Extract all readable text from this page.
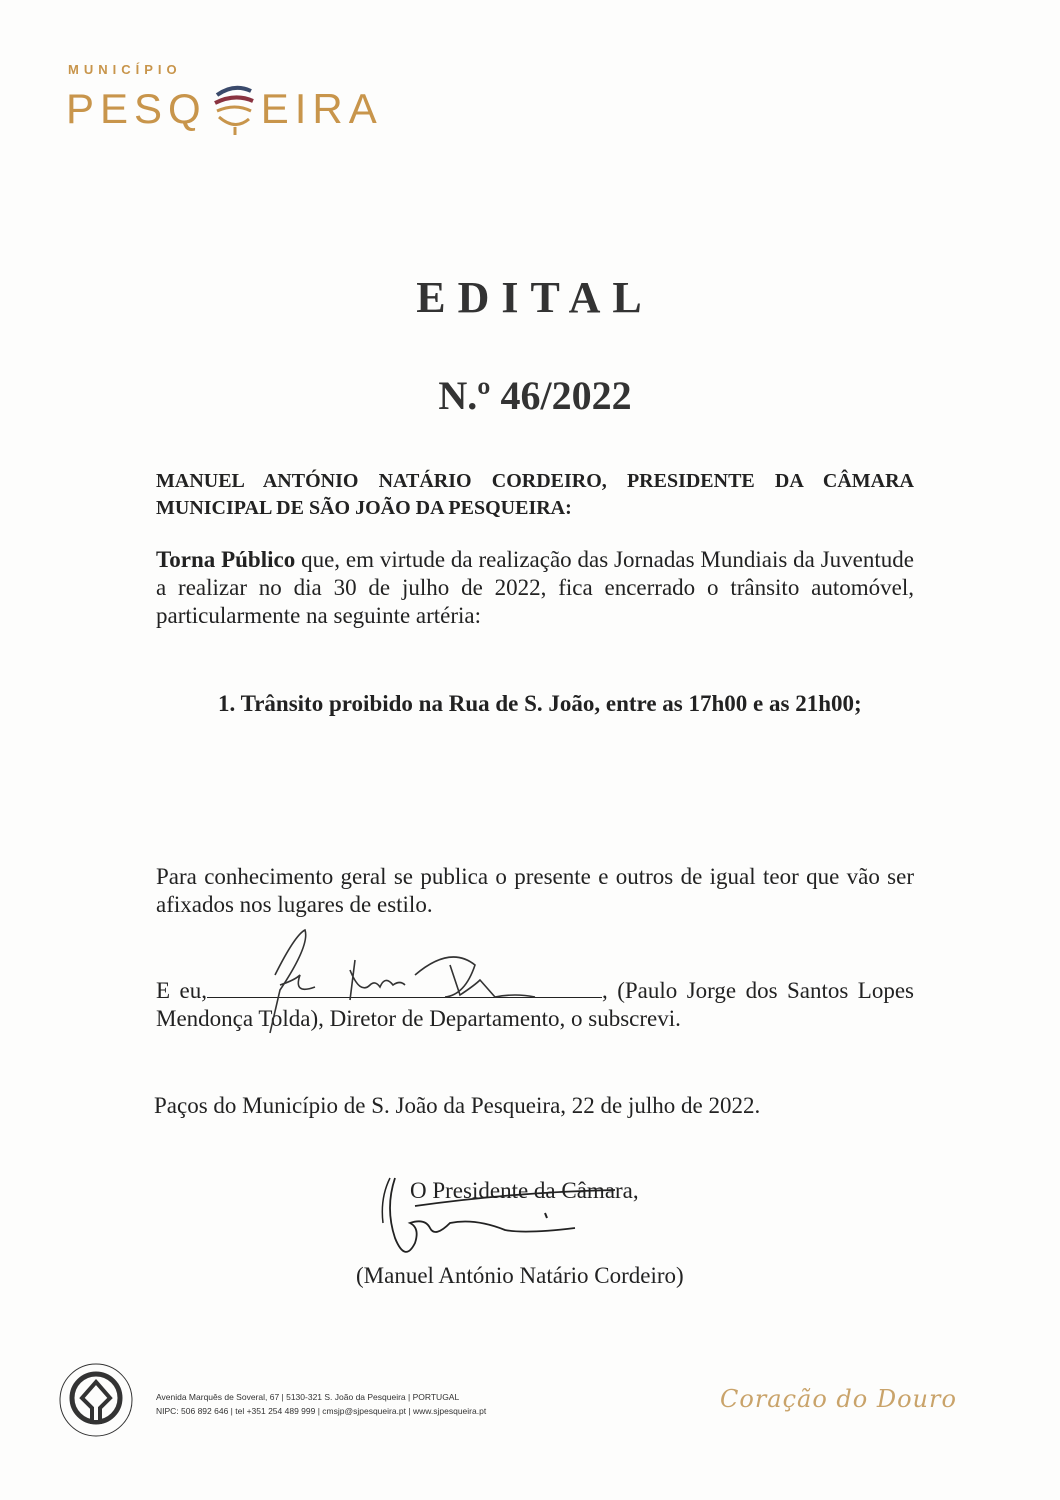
MUNICÍPIO
PESQ EIRA
EDITAL
N.º 46/2022
MANUEL ANTÓNIO NATÁRIO CORDEIRO, PRESIDENTE DA CÂMARA MUNICIPAL DE SÃO JOÃO DA PESQUEIRA:
Torna Público que, em virtude da realização das Jornadas Mundiais da Juventude a realizar no dia 30 de julho de 2022, fica encerrado o trânsito automóvel, particularmente na seguinte artéria:
1. Trânsito proibido na Rua de S. João, entre as 17h00 e as 21h00;
Para conhecimento geral se publica o presente e outros de igual teor que vão ser afixados nos lugares de estilo.
E eu,	, (Paulo Jorge dos Santos Lopes Mendonça Tolda), Diretor de Departamento, o subscrevi.
Paços do Município de S. João da Pesqueira, 22 de julho de 2022.
O Presidente da Câmara,
(Manuel António Natário Cordeiro)
Avenida Marquês de Soveral, 67 | 5130-321 S. João da Pesqueira | PORTUGAL
NIPC: 506 892 646 | tel +351 254 489 999 | cmsjp@sjpesqueira.pt | www.sjpesqueira.pt	Coração do Douro
